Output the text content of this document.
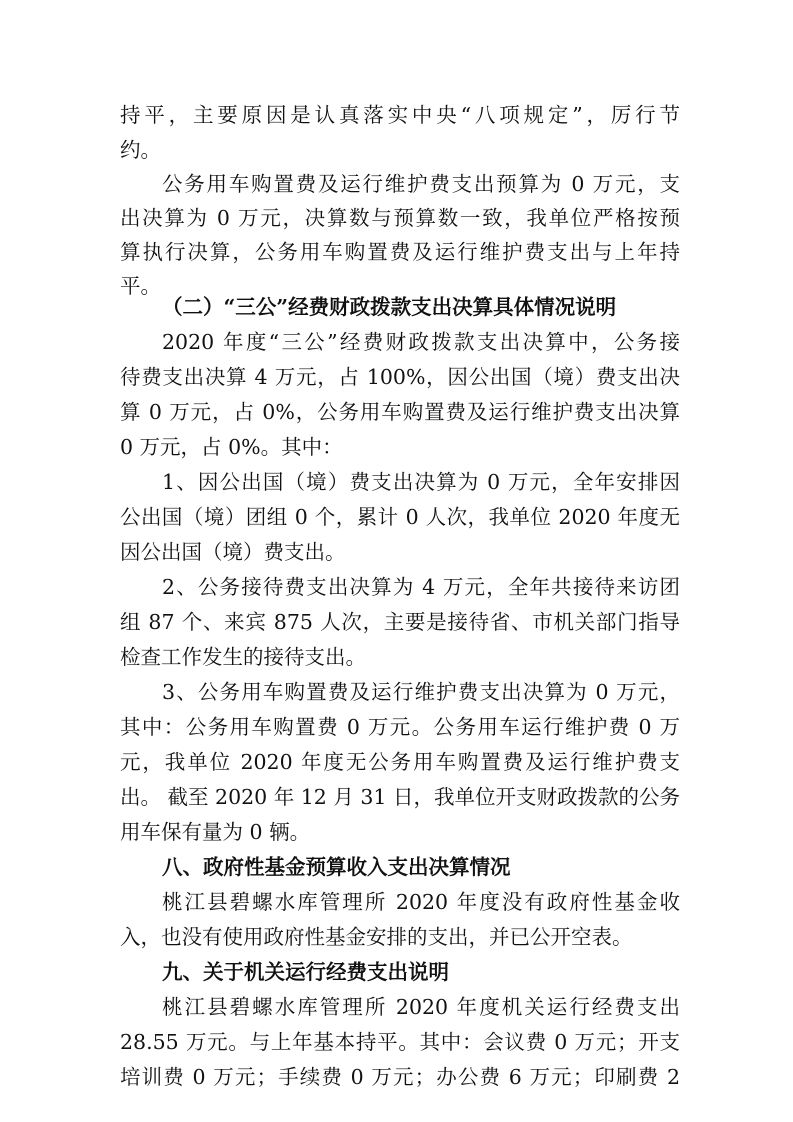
持平，主要原因是认真落实中央“八项规定”，厉行节
约。
公务用车购置费及运行维护费支出预算为 0 万元，支
出决算为 0 万元，决算数与预算数一致，我单位严格按预
算执行决算，公务用车购置费及运行维护费支出与上年持
平。
（二）“三公”经费财政拨款支出决算具体情况说明
2020 年度“三公”经费财政拨款支出决算中，公务接
待费支出决算 4 万元，占 100%，因公出国（境）费支出决
算 0 万元，占 0%，公务用车购置费及运行维护费支出决算
0 万元，占 0%。其中：
1、因公出国（境）费支出决算为 0 万元，全年安排因
公出国（境）团组 0 个，累计 0 人次，我单位 2020 年度无
因公出国（境）费支出。
2、公务接待费支出决算为 4 万元，全年共接待来访团
组 87 个、来宾 875 人次，主要是接待省、市机关部门指导
检查工作发生的接待支出。
3、公务用车购置费及运行维护费支出决算为 0 万元，
其中：公务用车购置费 0 万元。公务用车运行维护费 0 万
元，我单位 2020 年度无公务用车购置费及运行维护费支
出。 截至 2020 年 12 月 31 日，我单位开支财政拨款的公务
用车保有量为 0 辆。
八、政府性基金预算收入支出决算情况
桃江县碧螺水库管理所 2020 年度没有政府性基金收
入，也没有使用政府性基金安排的支出，并已公开空表。
九、关于机关运行经费支出说明
桃江县碧螺水库管理所 2020 年度机关运行经费支出
28.55 万元。与上年基本持平。其中：会议费 0 万元；开支
培训费 0 万元；手续费 0 万元；办公费 6 万元；印刷费 2
